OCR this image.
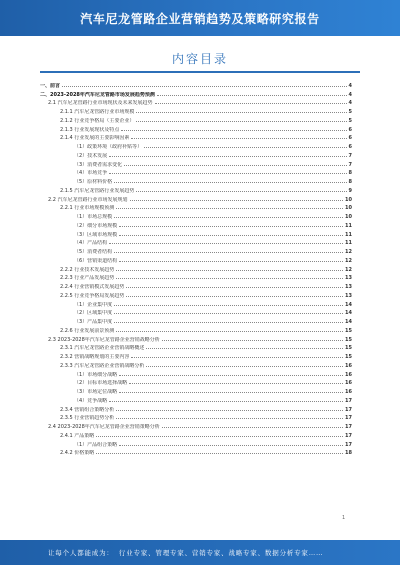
汽车尼龙管路企业营销趋势及策略研究报告
内容目录
一、前言	4
二、2023-2028年汽车尼龙管路市场发展趋势预测	4
2.1 汽车尼龙管路行业市场现状及未来发展趋势	4
2.1.1 汽车尼龙管路行业市场规模	5
2.1.2 行业竞争格局（主要企业）	5
2.1.3 行业发展现状及特点	6
2.1.4 行业发展的主要影响因素	6
（1）政策环境（政府补贴等）	6
（2）技术发展	7
（3）消费者需求变化	7
（4）市场竞争	8
（5）原材料价格	8
2.1.5 汽车尼龙管路行业发展趋势	9
2.2 汽车尼龙管路行业市场发展规划	10
2.2.1 行业市场规模预测	10
（1）市场总规模	10
（2）细分市场规模	11
（3）区域市场规模	11
（4）产品结构	11
（5）消费者结构	12
（6）营销渠道结构	12
2.2.2 行业技术发展趋势	12
2.2.3 行业产品发展趋势	13
2.2.4 行业营销模式发展趋势	13
2.2.5 行业竞争格局发展趋势	13
（1）企业集中度	14
（2）区域集中度	14
（3）产品集中度	14
2.2.6 行业发展前景预测	15
2.3 2023-2028年汽车尼龙管路企业营销战略分析	15
2.3.1 汽车尼龙管路企业营销战略概述	15
2.3.2 营销战略规划的主要内容	15
2.3.3 汽车尼龙管路企业营销战略分析	16
（1）市场细分战略	16
（2）目标市场选择战略	16
（3）市场定位战略	16
（4）竞争战略	17
2.3.4 营销组合策略分析	17
2.3.5 行业营销趋势分析	17
2.4 2023-2028年汽车尼龙管路企业营销策略分析	17
2.4.1 产品策略	17
（1）产品组合策略	17
2.4.2 价格策略	18
1
让每个人都能成为 ： 行业专家、管理专家、营销专家、战略专家、数据分析专家……
